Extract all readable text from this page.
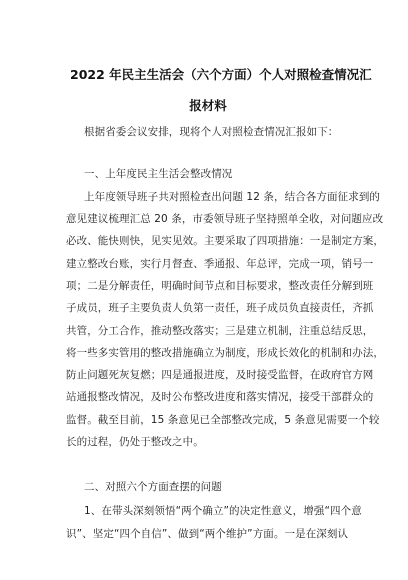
2022 年民主生活会（六个方面）个人对照检查情况汇
报材料
根据省委会议安排，现将个人对照检查情况汇报如下：
一、上年度民主生活会整改情况
上年度领导班子共对照检查出问题 12 条，结合各方面征求到的
意见建议梳理汇总 20 条，市委领导班子坚持照单全收，对问题应改
必改、能快则快，见实见效。主要采取了四项措施：一是制定方案，
建立整改台账，实行月督查、季通报、年总评，完成一项，销号一
项；二是分解责任，明确时间节点和目标要求，整改责任分解到班
子成员，班子主要负责人负第一责任，班子成员负直接责任，齐抓
共管，分工合作，推动整改落实；三是建立机制，注重总结反思，
将一些多实管用的整改措施确立为制度，形成长效化的机制和办法，
防止问题死灰复燃；四是通报进度，及时接受监督，在政府官方网
站通报整改情况，及时公布整改进度和落实情况，接受干部群众的
监督。截至目前，15 条意见已全部整改完成，5 条意见需要一个较
长的过程，仍处于整改之中。
二、对照六个方面查摆的问题
1、在带头深刻领悟“两个确立”的决定性意义，增强“四个意
识”、坚定“四个自信”、做到“两个维护”方面。一是在深刻认
